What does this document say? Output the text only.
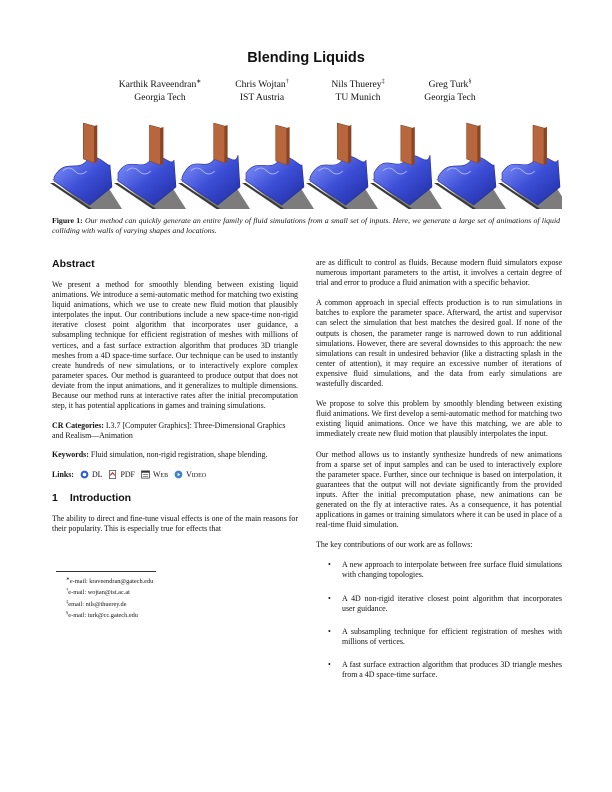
Blending Liquids
Karthik Raveendran∗
Georgia Tech
Chris Wojtan†
IST Austria
Nils Thuerey‡
TU Munich
Greg Turk§
Georgia Tech
Figure 1: Our method can quickly generate an entire family of fluid simulations from a small set of inputs. Here, we generate a large set of animations of liquid colliding with walls of varying shapes and locations.
Abstract

We present a method for smoothly blending between existing liquid animations. We introduce a semi-automatic method for matching two existing liquid animations, which we use to create new fluid motion that plausibly interpolates the input. Our contributions include a new space-time non-rigid iterative closest point algorithm that incorporates user guidance, a subsampling technique for efficient registration of meshes with millions of vertices, and a fast surface extraction algorithm that produces 3D triangle meshes from a 4D space-time surface. Our technique can be used to instantly create hundreds of new simulations, or to interactively explore complex parameter spaces. Our method is guaranteed to produce output that does not deviate from the input animations, and it generalizes to multiple dimensions. Because our method runs at interactive rates after the initial precomputation step, it has potential applications in games and training simulations.

CR Categories: I.3.7 [Computer Graphics]: Three-Dimensional Graphics and Realism—Animation

Keywords: Fluid simulation, non-rigid registration, shape blending.

Links: DL PDF Web Video
1 Introduction

The ability to direct and fine-tune visual effects is one of the main reasons for their popularity. This is especially true for effects that

∗e-mail: kraveendran@gatech.edu
†e-mail: wojtan@ist.ac.at
‡email: nils@thuerey.de
§e-mail: turk@cc.gatech.edu

are as difficult to control as fluids. Because modern fluid simulators expose numerous important parameters to the artist, it involves a certain degree of trial and error to produce a fluid animation with a specific behavior.

A common approach in special effects production is to run simulations in batches to explore the parameter space. Afterward, the artist and supervisor can select the simulation that best matches the desired goal. If none of the outputs is chosen, the parameter range is narrowed down to run additional simulations. However, there are several downsides to this approach: the new simulations can result in undesired behavior (like a distracting splash in the center of attention), it may require an excessive number of iterations of expensive fluid simulations, and the data from early simulations are wastefully discarded.

We propose to solve this problem by smoothly blending between existing fluid animations. We first develop a semi-automatic method for matching two existing liquid animations. Once we have this matching, we are able to immediately create new fluid motion that plausibly interpolates the input.

Our method allows us to instantly synthesize hundreds of new animations from a sparse set of input samples and can be used to interactively explore the parameter space. Further, since our technique is based on interpolation, it guarantees that the output will not deviate significantly from the provided inputs. After the initial precomputation phase, new animations can be generated on the fly at interactive rates. As a consequence, it has potential applications in games or training simulators where it can be used in place of a real-time fluid simulation.

The key contributions of our work are as follows:

• A new approach to interpolate between free surface fluid simulations with changing topologies.
• A 4D non-rigid iterative closest point algorithm that incorporates user guidance.
• A subsampling technique for efficient registration of meshes with millions of vertices.
• A fast surface extraction algorithm that produces 3D triangle meshes from a 4D space-time surface.
